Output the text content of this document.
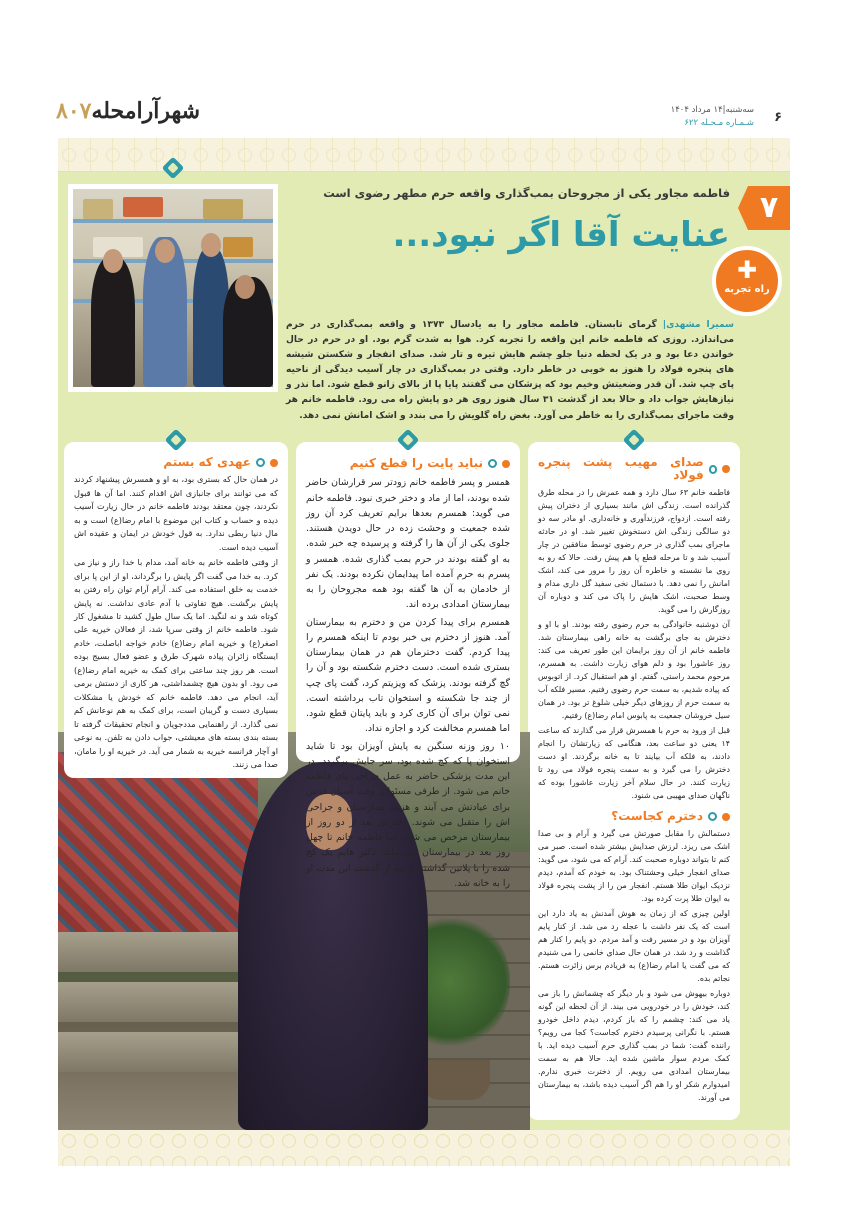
شهرآرامحله۸۰۷	۶
سه‌شنبه|۱۴ مرداد ۱۴۰۴
شـمـاره مـحـله ۶۲۲
۷
✚
راه تجربه
فاطمه مجاور یکی از مجروحان بمب‌گذاری واقعه حرم مطهر رضوی است
عنایت آقا اگر نبود...
سمیرا مشهدی| گرمای تابستان. فاطمه مجاور را به یادسال ۱۳۷۳ و واقعه بمب‌گذاری در حرم می‌اندازد. روزی که فاطمه خانم این واقعه را تجربه کرد. هوا به شدت گرم بود. او در حرم در حال خواندن دعا بود و در یک لحظه دنیا جلو چشم هایش تیره و تار شد. صدای انفجار و شکستن شیشه های پنجره فولاد را هنوز به خوبی در خاطر دارد. وقتی در بمب‌گذاری در چار آسیب دیدگی از ناحیه پای چپ شد. آن قدر وضعیتش وخیم بود که پزشکان می گفتند پایا پا از بالای زانو قطع شود. اما نذر و نیازهایش جواب داد و حالا بعد از گذشت ۳۱ سال هنوز روی هر دو پایش راه می رود. فاطمه خانم هر وقت ماجرای بمب‌گذاری را به خاطر می آورد. بغض راه گلویش را می بندد و اشک امانش نمی دهد.
صدای مهیب پشت پنجره فولاد

فاطمه خانم ۶۳ سال دارد و همه عمرش را در محله طرق گذرانده است. زندگی اش مانند بسیاری از دختران پیش رفته است. ازدواج، فرزندآوری و خانه‌داری. او مادر سه دو دو سالگی زندگی اش دستخوش تغییر شد. او در حادثه ماجرای بمب گذاری در حرم رضوی توسط منافقین در چار آسیب شد و تا مرحله قطع پا هم پیش رفت. حالا که رو به روی ما نشسته و خاطره آن روز را مرور می کند، اشک امانش را نمی دهد. با دستمال نخی سفید گل داری مدام و وسط صحبت، اشک هایش را پاک می کند و دوباره آن روزگارش را می گوید.

آن دوشنبه خانوادگی به حرم رضوی رفته بودند. او با او و دخترش به جای برگشت به خانه راهی بیمارستان شد. فاطمه خانم از آن روز برایمان این طور تعریف می کند: روز عاشورا بود و دلم هوای زیارت داشت. به همسرم، مرحوم محمد راستی، گفتم. او هم استقبال کرد. از اتوبوس که پیاده شدیم، به سمت حرم رضوی رفتیم. مسیر فلکه آب به سمت حرم از روزهای دیگر خیلی شلوغ تر بود. در همان سیل خروشان جمعیت به پابوس امام رضا(ع) رفتیم.

قبل از ورود به حرم با همسرش قرار می گذارند که ساعت ۱۴ یعنی دو ساعت بعد، هنگامی که زیارتشان را انجام دادند، به فلکه آب بیایند تا به خانه برگردند. او دست دخترش را می گیرد و به سمت پنجره فولاد می رود تا زیارت کنند. در حال سلام آخر زیارت عاشورا بوده که ناگهان صدای مهیبی می شنود.

دخترم کجاست؟

دستمالش را مقابل صورتش می گیرد و آرام و بی صدا اشک می ریزد. لرزش صدایش بیشتر شده است. صبر می کنم تا بتواند دوباره صحبت کند. آرام که می شود، می گوید: صدای انفجار خیلی وحشتناک بود. به خودم که آمدم، دیدم نزدیک ایوان طلا هستم. انفجار من را از پشت پنجره فولاد به ایوان طلا پرت کرده بود.

اولین چیزی که از زمان به هوش آمدنش به یاد دارد این است که یک نفر داشت با عجله رد می شد. از کنار پایم آویزان بود و در مسیر رفت و آمد مردم. دو پایم را کنار هم گذاشت و رد شد. در همان حال صدای خانمی را می شنیدم که می گفت یا امام رضا(ع) به فریادم برس زائرت هستم. نجاتم بده.

دوباره بیهوش می شود و بار دیگر که چشمانش را باز می کند، خودش را در خودرویی می بیند. از آن لحظه این گونه یاد می کند: چشمم را که باز کردم، دیدم داخل خودرو هستم. با نگرانی پرسیدم دخترم کجاست؟ کجا می رویم؟ راننده گفت: شما در بمب گذاری حرم آسیب دیده اید. با کمک مردم سوار ماشین شده اید. حالا هم به سمت بیمارستان امدادی می رویم. از دخترت خبری ندارم. امیدوارم شکر او را هم اگر آسیب دیده باشد، به بیمارستان می آورند.

نباید پایت را قطع کنیم

همسر و پسر فاطمه خانم زودتر سر قرارشان حاضر شده بودند، اما از ماد و دختر خبری نبود. فاطمه خانم می گوید: همسرم بعدها برایم تعریف کرد آن روز شده جمعیت و وحشت زده در حال دویدن هستند. جلوی یکی از آن ها را گرفته و پرسیده چه خبر شده. به او گفته بودند در حرم بمب گذاری شده. همسر و پسرم به حرم آمده اما پیدایمان نکرده بودند. یک نفر از خادمان به آن ها گفته بود همه مجروحان را به بیمارستان امدادی برده اند.

همسرم برای پیدا کردن من و دخترم به بیمارستان آمد. هنوز از دخترم بی خبر بودم تا اینکه همسرم را پیدا کردم. گفت دخترمان هم در همان بیمارستان بستری شده است. دست دخترم شکسته بود و آن را گچ گرفته بودند. پزشک که ویزیتم کرد، گفت پای چپ از چند جا شکسته و استخوان تاب برداشته است. نمی توان برای آن کاری کرد و باید پایتان قطع شود. اما همسرم مخالفت کرد و اجازه نداد.

۱۰ روز وزنه سنگین به پایش آویزان بود تا شاید استخوان پا که کج شده بود، سر جایش برگردد. در این مدت پزشکی حاضر به عمل جراحی پای فاطمه خانم می شود. از طرفی مسئولان وقت آستان قدس برای عیادتش می آیند و هزینه بیمارستان و جراحی اش را متقبل می شوند. دخترش بعد از دو روز از بیمارستان مرخص می شود. اما فاطمه خانم تا چهل روز بعد در بیمارستان می ماند. دکتر هایم یک کج شده را با پلاتین گذاشتند و بعد از گذشت این مدت او را به خانه شد.

عهدی که بستم

در همان حال که بستری بود، به او و همسرش پیشنهاد کردند که می توانند برای جانبازی اش اقدام کنند. اما آن ها قبول نکردند، چون معتقد بودند فاطمه خانم در حال زیارت آسیب دیده و حساب و کتاب این موضوع با امام رضا(ع) است و به مال دنیا ربطی ندارد. به قول خودش در ایمان و عقیده اش آسیب دیده است.

از وقتی فاطمه خانم به خانه آمد، مدام با خدا راز و نیاز می کرد. به خدا می گفت اگر پایش را برگرداند، او از این پا برای خدمت به خلق استفاده می کند. آرام آرام توان راه رفتن به پایش برگشت. هیچ تفاوتی با آدم عادی نداشت. نه پایش کوتاه شد و نه لنگید. اما یک سال طول کشید تا مشغول کار شود. فاطمه خانم از وقتی سرپا شد، از فعالان خیریه علی اصغر(ع) و خیریه امام رضا(ع) خادم خواجه اباصلت، خادم ایستگاه زائران پیاده شهرک طرق و عضو فعال بسیج بوده است. هر روز چند ساعتی برای کمک به خیریه امام رضا(ع) می رود. او بدون هیچ چشمداشتی، هر کاری از دستش برمی آید، انجام می دهد. فاطمه خانم که خودش یا مشکلات بسیاری دست و گریبان است، برای کمک به هم نوعانش کم نمی گذارد. از راهنمایی مددجویان و انجام تحقیقات گرفته تا بسته بندی بسته های معیشتی، جواب دادن به تلفن. به نوعی او آچار فرانسه خیریه به شمار می آید. در خیریه او را مامان، صدا می زنند.
